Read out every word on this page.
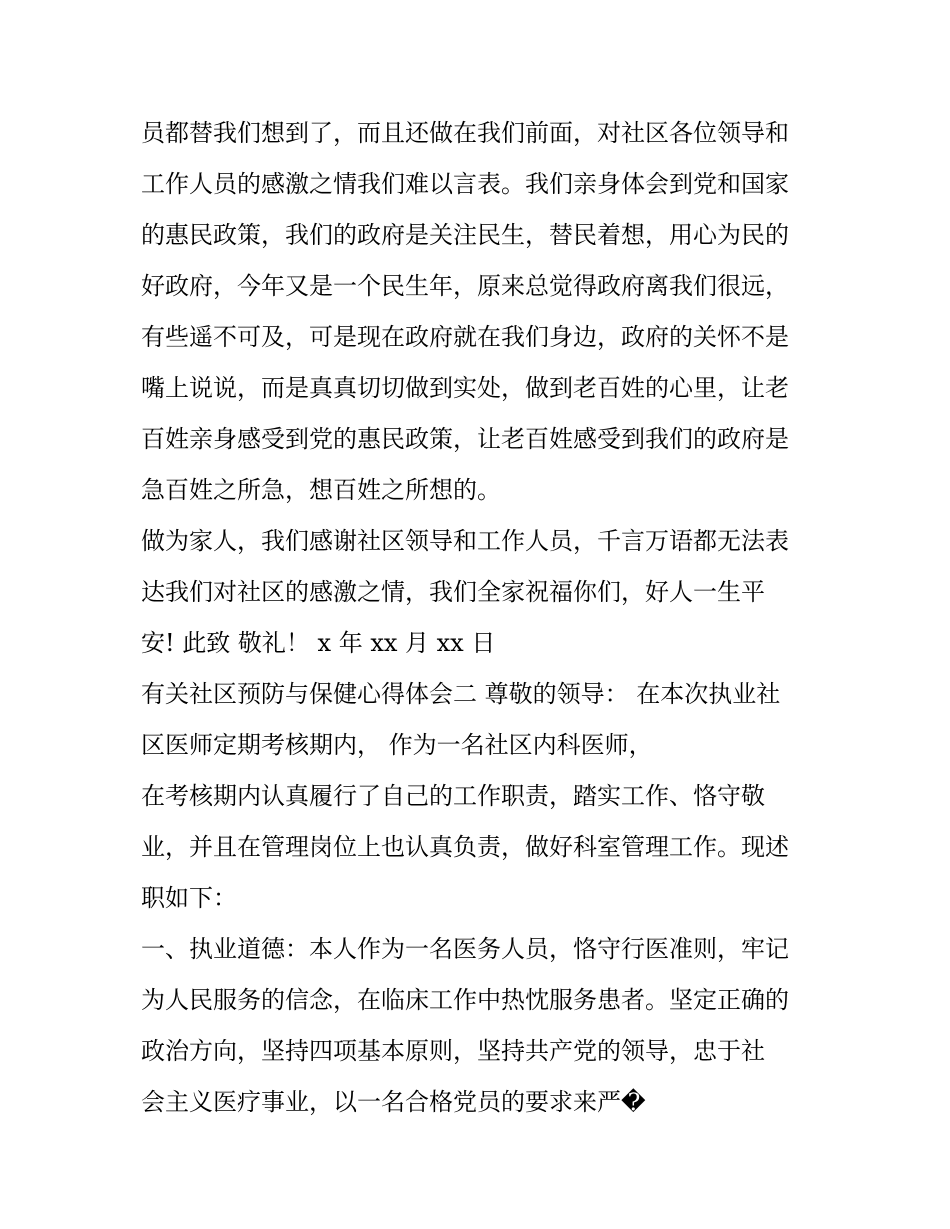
员都替我们想到了，而且还做在我们前面，对社区各位领导和
工作人员的感激之情我们难以言表。我们亲身体会到党和国家
的惠民政策，我们的政府是关注民生，替民着想，用心为民的
好政府，今年又是一个民生年，原来总觉得政府离我们很远，
有些遥不可及，可是现在政府就在我们身边，政府的关怀不是
嘴上说说，而是真真切切做到实处，做到老百姓的心里，让老
百姓亲身感受到党的惠民政策，让老百姓感受到我们的政府是
急百姓之所急，想百姓之所想的。
做为家人，我们感谢社区领导和工作人员，千言万语都无法表
达我们对社区的感激之情，我们全家祝福你们，好人一生平
安! 此致 敬礼！ x 年 xx 月 xx 日
有关社区预防与保健心得体会二 尊敬的领导： 在本次执业社
区医师定期考核期内， 作为一名社区内科医师，
在考核期内认真履行了自己的工作职责，踏实工作、恪守敬
业，并且在管理岗位上也认真负责，做好科室管理工作。现述
职如下：
一、执业道德：本人作为一名医务人员，恪守行医准则，牢记
为人民服务的信念，在临床工作中热忱服务患者。坚定正确的
政治方向，坚持四项基本原则，坚持共产党的领导，忠于社
会主义医疗事业，以一名合格党员的要求来严�
